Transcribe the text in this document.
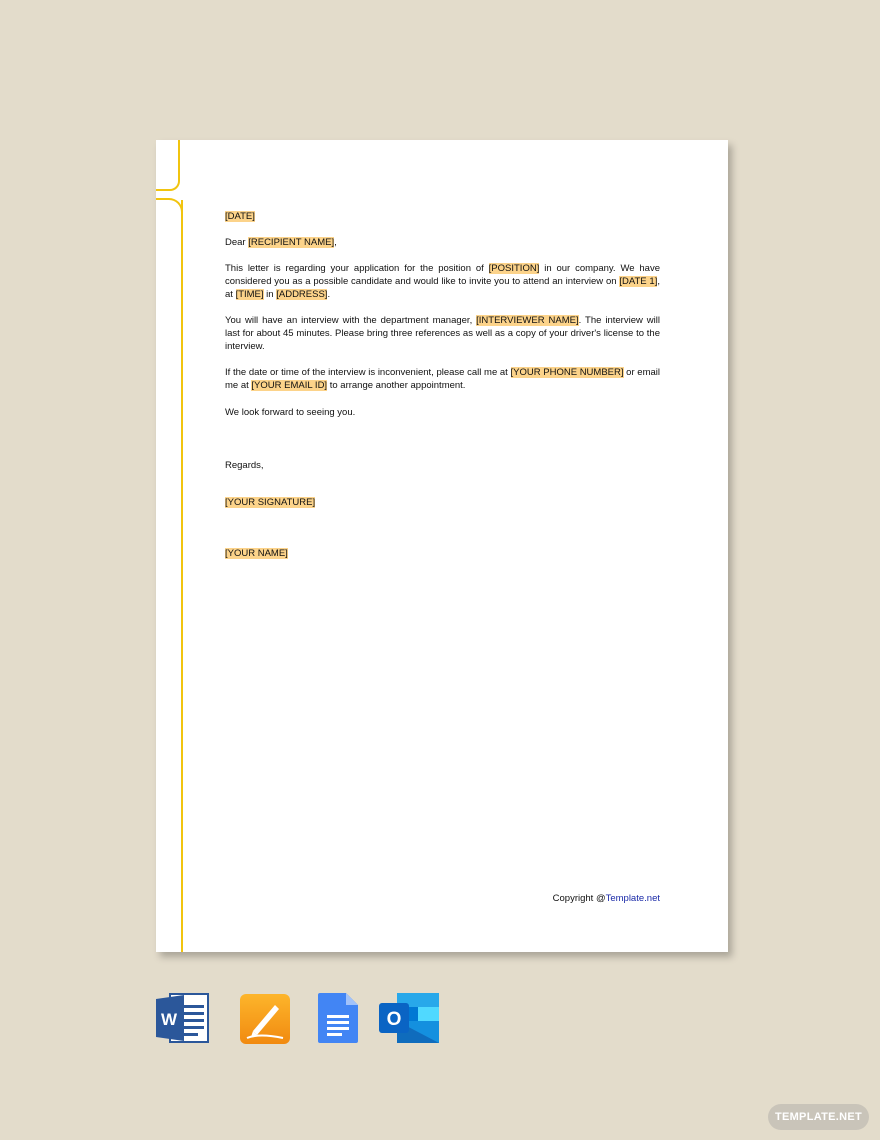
[DATE]

Dear [RECIPIENT NAME],

This letter is regarding your application for the position of [POSITION] in our company. We have considered you as a possible candidate and would like to invite you to attend an interview on [DATE 1], at [TIME] in [ADDRESS].

You will have an interview with the department manager, [INTERVIEWER NAME]. The interview will last for about 45 minutes. Please bring three references as well as a copy of your driver's license to the interview.

If the date or time of the interview is inconvenient, please call me at [YOUR PHONE NUMBER] or email me at [YOUR EMAIL ID] to arrange another appointment.

We look forward to seeing you.

Regards,

[YOUR SIGNATURE]

[YOUR NAME]

Copyright @Template.net
W	O
TEMPLATE.NET
